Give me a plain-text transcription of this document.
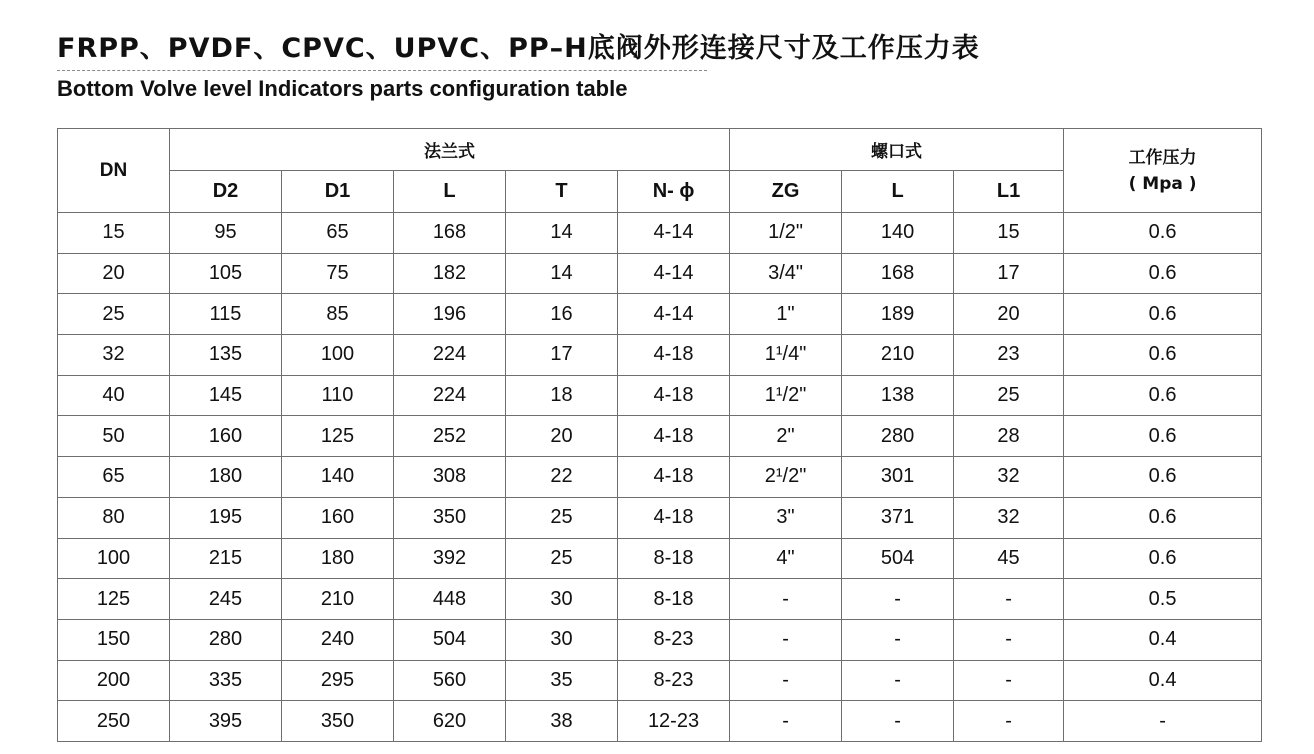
FRPP、PVDF、CPVC、UPVC、PP–H底阀外形连接尺寸及工作压力表
Bottom Volve level Indicators parts configuration table
DN	法兰式					螺口式			工作压力
( Mpa )

	D2	D1	L	T	N- ϕ	ZG	L	L1	
15	95	65	168	14	4-14	1/2"	140	15	0.6
20	105	75	182	14	4-14	3/4"	168	17	0.6
25	115	85	196	16	4-14	1"	189	20	0.6
32	135	100	224	17	4-18	1¹/4"	210	23	0.6
40	145	110	224	18	4-18	1¹/2"	138	25	0.6
50	160	125	252	20	4-18	2"	280	28	0.6
65	180	140	308	22	4-18	2¹/2"	301	32	0.6
80	195	160	350	25	4-18	3"	371	32	0.6
100	215	180	392	25	8-18	4"	504	45	0.6
125	245	210	448	30	8-18	-	-	-	0.5
150	280	240	504	30	8-23	-	-	-	0.4
200	335	295	560	35	8-23	-	-	-	0.4
250	395	350	620	38	12-23	-	-	-	-
